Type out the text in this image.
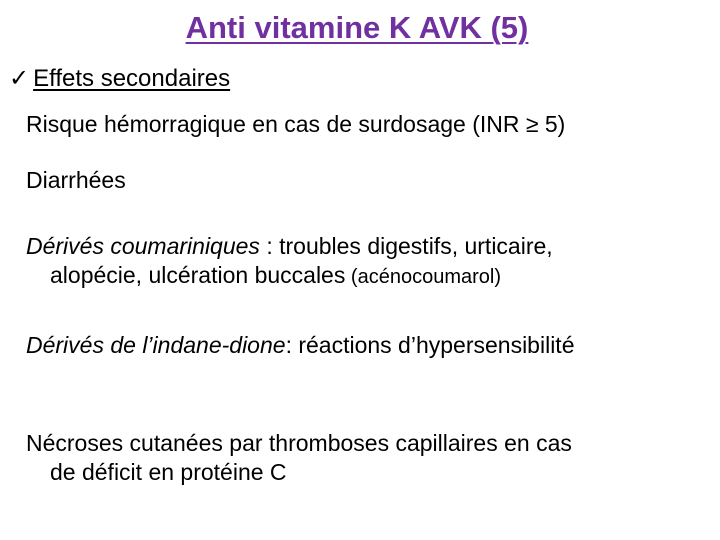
Anti vitamine K AVK (5)
✓ Effets secondaires
Risque hémorragique en cas de surdosage (INR ≥ 5)
Diarrhées
Dérivés coumariniques : troubles digestifs, urticaire,
alopécie, ulcération buccales (acénocoumarol)
Dérivés de l’indane-dione: réactions d’hypersensibilité
Nécroses cutanées par thromboses capillaires en cas
de déficit en protéine C
